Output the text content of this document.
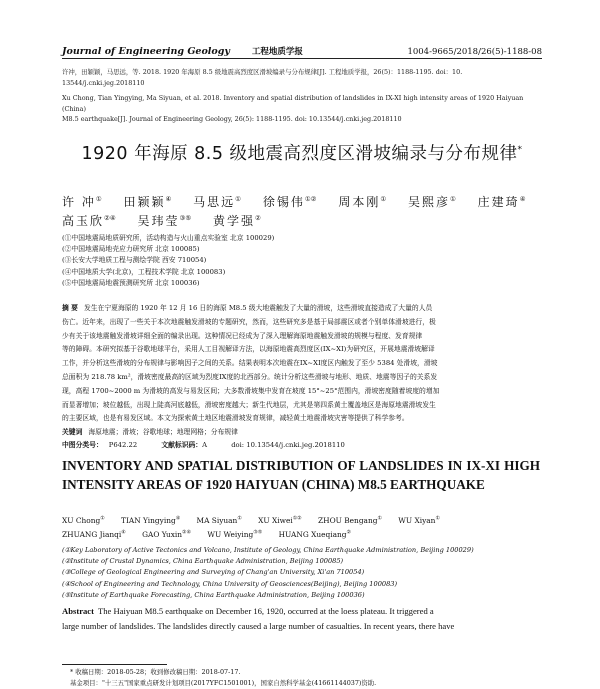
Journal of Engineering Geology	工程地质学报	1004-9665/2018/26(5)-1188-08
许冲，田颖颖，马思远，等. 2018. 1920 年海原 8.5 级地震高烈度区滑坡编录与分布规律[J]. 工程地质学报，26(5)：1188-1195. doi：10.
13544/j.cnki.jeg.2018110
Xu Chong, Tian Yingying, Ma Siyuan, et al. 2018. Inventory and spatial distribution of landslides in IX-XI high intensity areas of 1920 Haiyuan (China)
M8.5 earthquake[J]. Journal of Engineering Geology, 26(5): 1188-1195. doi: 10.13544/j.cnki.jeg.2018110
1920 年海原 8.5 级地震高烈度区滑坡编录与分布规律*
许 冲① 田颖颖④ 马思远① 徐锡伟①② 周本刚① 吴熙彦① 庄建琦④
高玉欣②④ 吴玮莹③⑤ 黄学强②
(①中国地震局地质研究所，活动构造与火山重点实验室 北京 100029)
(②中国地震局地壳应力研究所 北京 100085)
(③长安大学地质工程与测绘学院 西安 710054)
(④中国地质大学(北京)，工程技术学院 北京 100083)
(⑤中国地震局地震预测研究所 北京 100036)
摘 要 发生在宁夏海原的 1920 年 12 月 16 日的海原 M8.5 级大地震触发了大量的滑坡，这些滑坡直接造成了大量的人员
伤亡。近年来，出现了一些关于本次地震触发滑坡的专题研究，然而，这些研究多是基于局部震区或者个别单体滑坡进行，极
少有关于该地震触发滑坡详细全面的编录出现。这种情况已经成为了深入理解海原地震触发滑坡的规模与程度、发育规律
等的障碍。本研究拟基于谷歌地球平台，采用人工目视解译方法，以海原地震高烈度区(IX~XI)为研究区，开展地震滑坡解译
工作，并分析这些滑坡的分布规律与影响因子之间的关系。结果表明本次地震在IX~XI度区内触发了至少 5384 处滑坡，滑坡
总面积为 218.78 km²，滑坡密度最高的区域为烈度IX度的北西部分。统计分析这些滑坡与地形、地质、地震等因子的关系发
现，高程 1700~2000 m 为滑坡的高发与易发区间；大多数滑坡集中发育在坡度 15°~25°范围内，滑坡密度随着坡度的增加
而显著增加；坡位越低，出现上陡高河底越低，滑坡密度越大；新生代地层，尤其是第四系黄土覆盖地区是海原地震滑坡发生
的主要区域，也是有易发区域。本文为探索黄土地区地震滑坡发育规律，减轻黄土地震滑坡灾害等提供了科学参考。
关键词 海原地震；滑坡；谷歌地球；地理网格；分布规律
中图分类号： P642.22	文献标识码：A	doi: 10.13544/j.cnki.jeg.2018110
INVENTORY AND SPATIAL DISTRIBUTION OF LANDSLIDES IN IX-XI HIGH INTENSITY AREAS OF 1920 HAIYUAN (CHINA) M8.5 EARTHQUAKE
XU Chong① TIAN Yingying④ MA Siyuan① XU Xiwei①② ZHOU Bengang① WU Xiyan①
ZHUANG Jianqi④ GAO Yuxin②④ WU Weiying③⑤ HUANG Xueqiang②
(①Key Laboratory of Active Tectonics and Volcano, Institute of Geology, China Earthquake Administration, Beijing 100029)
(②Institute of Crustal Dynamics, China Earthquake Administration, Beijing 100085)
(③College of Geological Engineering and Surveying of Chang'an University, Xi'an 710054)
(④School of Engineering and Technology, China University of Geosciences(Beijing), Beijing 100083)
(⑤Institute of Earthquake Forecasting, China Earthquake Administration, Beijing 100036)
Abstract The Haiyuan M8.5 earthquake on December 16, 1920, occurred at the loess plateau. It triggered a
large number of landslides. The landslides directly caused a large number of casualties. In recent years, there have
* 收稿日期：2018-05-28；收到修改稿日期：2018-07-17.
基金项目："十三五"国家重点研发计划项目(2017YFC1501001)，国家自然科学基金(41661144037)资助.
